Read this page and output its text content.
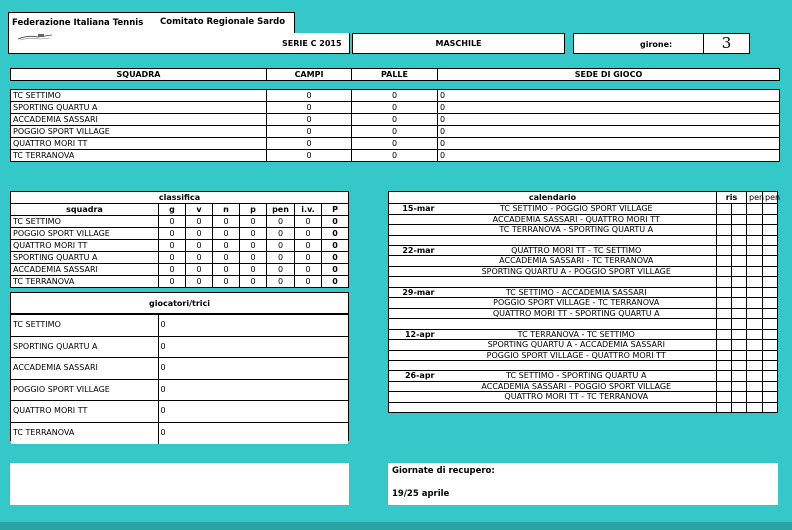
Federazione Italiana Tennis Comitato Regionale Sardo
SERIE C 2015	MASCHILE	girone:	3
SQUADRA	CAMPI	PALLE	SEDE DI GIOCO
TC SETTIMO	0	0	0
SPORTING QUARTU A	0	0	0
ACCADEMIA SASSARI	0	0	0
POGGIO SPORT VILLAGE	0	0	0
QUATTRO MORI TT	0	0	0
TC TERRANOVA	0	0	0
classifica							
squadra	g	v	n	p	pen	i.v.	P
TC SETTIMO	0	0	0	0	0	0	0
POGGIO SPORT VILLAGE	0	0	0	0	0	0	0
QUATTRO MORI TT	0	0	0	0	0	0	0
SPORTING QUARTU A	0	0	0	0	0	0	0
ACCADEMIA SASSARI	0	0	0	0	0	0	0
TC TERRANOVA	0	0	0	0	0	0	0
giocatori/trici
TC SETTIMO	0
SPORTING QUARTU A	0
ACCADEMIA SASSARI	0
POGGIO SPORT VILLAGE	0
QUATTRO MORI TT	0
TC TERRANOVA	0
calendario		ris		pen	pen
15-mar	TC SETTIMO - POGGIO SPORT VILLAGE				
	ACCADEMIA SASSARI - QUATTRO MORI TT				
	TC TERRANOVA - SPORTING QUARTU A				

22-mar	QUATTRO MORI TT - TC SETTIMO				
	ACCADEMIA SASSARI - TC TERRANOVA				
	SPORTING QUARTU A - POGGIO SPORT VILLAGE				

29-mar	TC SETTIMO - ACCADEMIA SASSARI				
	POGGIO SPORT VILLAGE - TC TERRANOVA				
	QUATTRO MORI TT - SPORTING QUARTU A				

12-apr	TC TERRANOVA - TC SETTIMO				
	SPORTING QUARTU A - ACCADEMIA SASSARI				
	POGGIO SPORT VILLAGE - QUATTRO MORI TT				

26-apr	TC SETTIMO - SPORTING QUARTU A				
	ACCADEMIA SASSARI - POGGIO SPORT VILLAGE				
	QUATTRO MORI TT - TC TERRANOVA				

Giornate di recupero:
19/25 aprile
